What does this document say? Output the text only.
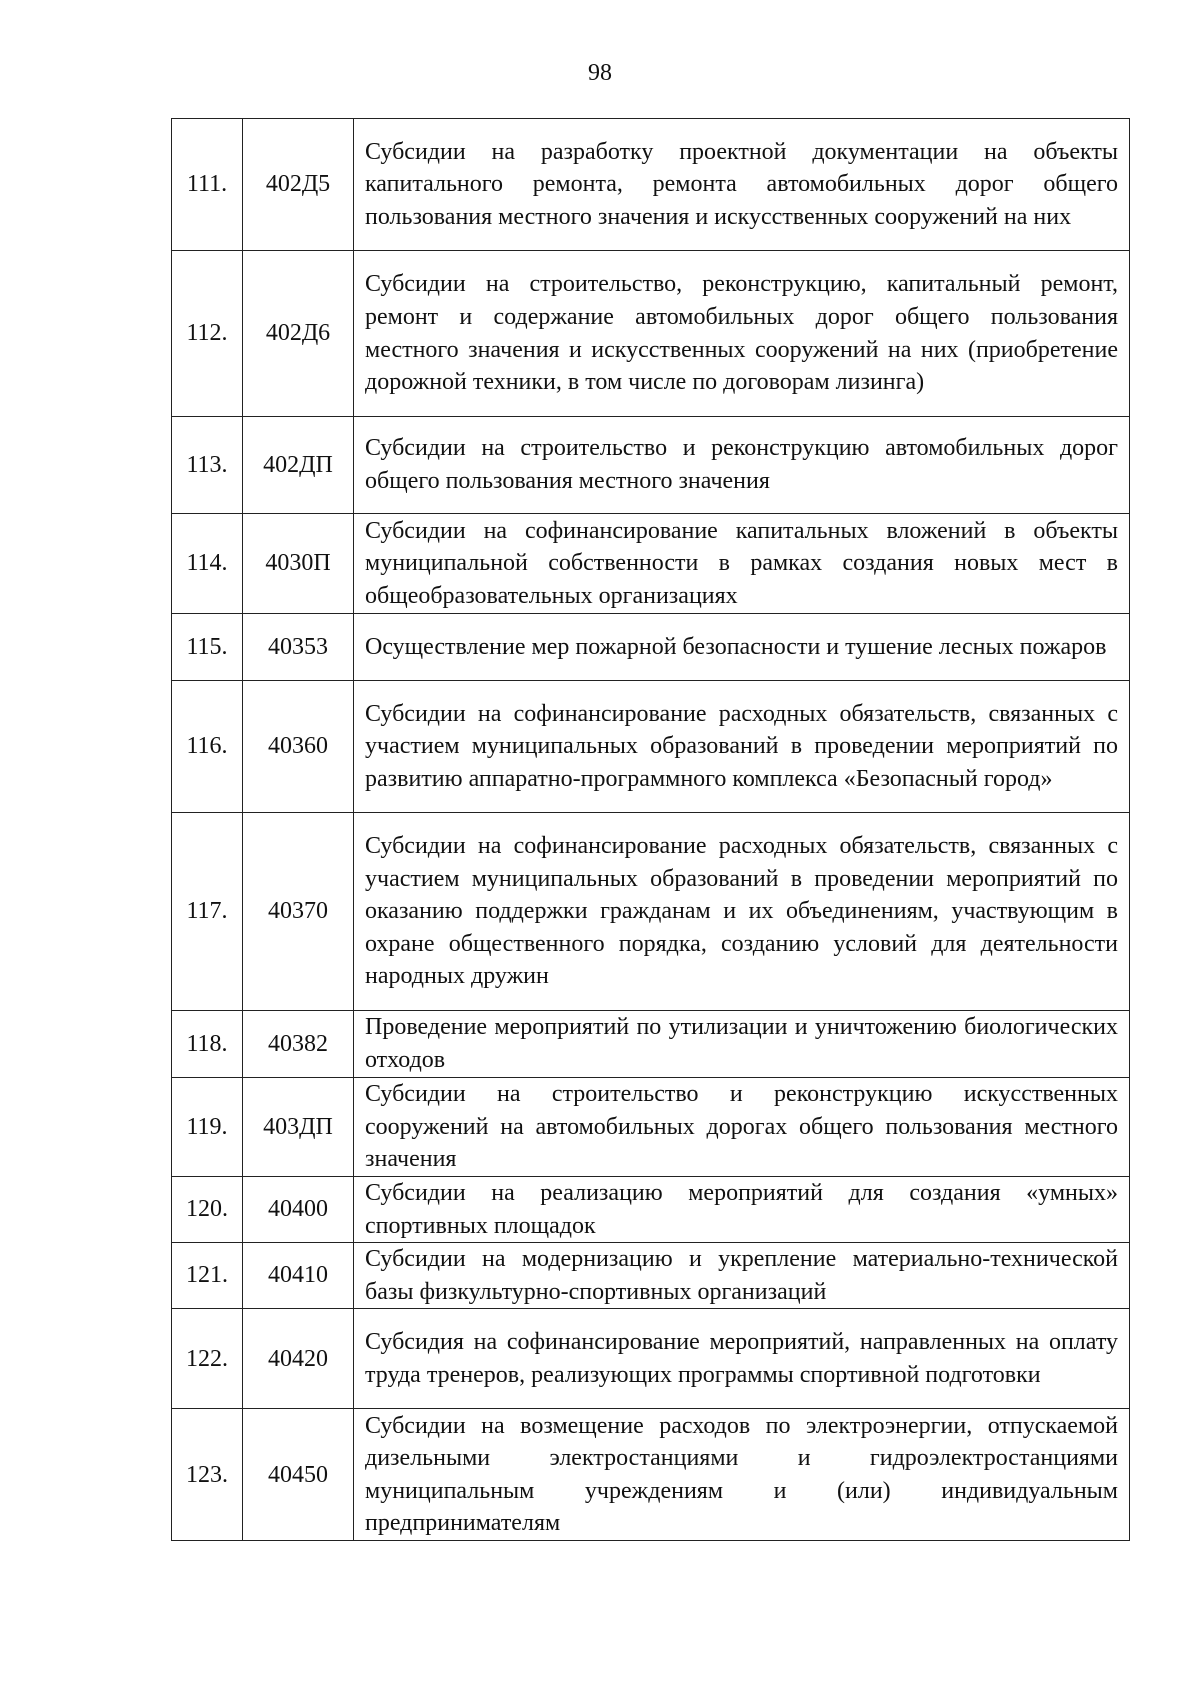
98
111.	402Д5	Субсидии на разработку проектной документации на объекты капитального ремонта, ремонта автомобильных дорог общего пользования местного значения и искусственных сооружений на них
112.	402Д6	Субсидии на строительство, реконструкцию, капитальный ремонт, ремонт и содержание автомобильных дорог общего пользования местного значения и искусственных сооружений на них (приобретение дорожной техники, в том числе по договорам лизинга)
113.	402ДП	Субсидии на строительство и реконструкцию автомобильных дорог общего пользования местного значения
114.	4030П	Субсидии на софинансирование капитальных вложений в объекты муниципальной собственности в рамках создания новых мест в общеобразовательных организациях
115.	40353	Осуществление мер пожарной безопасности и тушение лесных пожаров
116.	40360	Субсидии на софинансирование расходных обязательств, связанных с участием муниципальных образований в проведении мероприятий по развитию аппаратно-программного комплекса «Безопасный город»
117.	40370	Субсидии на софинансирование расходных обязательств, связанных с участием муниципальных образований в проведении мероприятий по оказанию поддержки гражданам и их объединениям, участвующим в охране общественного порядка, созданию условий для деятельности народных дружин
118.	40382	Проведение мероприятий по утилизации и уничтожению биологических отходов
119.	403ДП	Субсидии на строительство и реконструкцию искусственных сооружений на автомобильных дорогах общего пользования местного значения
120.	40400	Субсидии на реализацию мероприятий для создания «умных» спортивных площадок
121.	40410	Субсидии на модернизацию и укрепление материально-технической базы физкультурно-спортивных организаций
122.	40420	Субсидия на софинансирование мероприятий, направленных на оплату труда тренеров, реализующих программы спортивной подготовки
123.	40450	Субсидии на возмещение расходов по электроэнергии, отпускаемой дизельными электростанциями и гидроэлектростанциями муниципальным учреждениям и (или) индивидуальным предпринимателям
